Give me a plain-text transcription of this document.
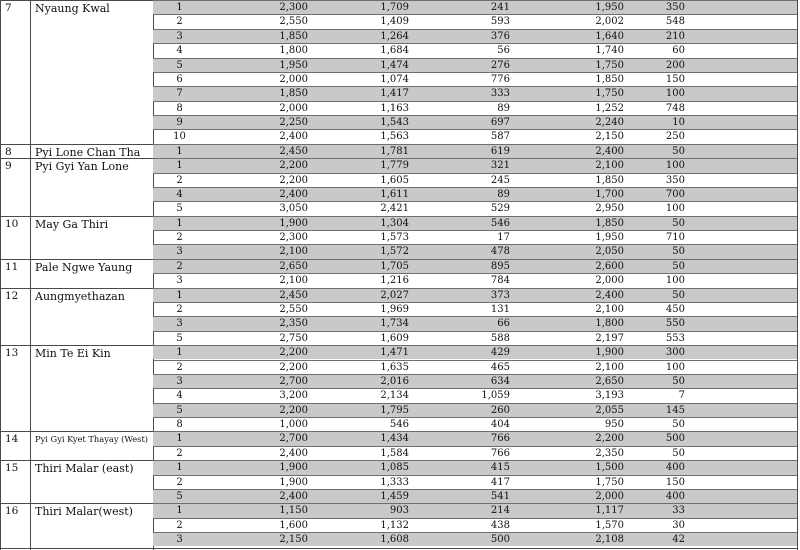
7 Nyaung Kwal	1	2,300	1,709	241	1,950	350
2	2,550	1,409	593	2,002	548
3	1,850	1,264	376	1,640	210
4	1,800	1,684	56	1,740	60
5	1,950	1,474	276	1,750	200
6	2,000	1,074	776	1,850	150
7	1,850	1,417	333	1,750	100
8	2,000	1,163	89	1,252	748
9	2,250	1,543	697	2,240	10
10	2,400	1,563	587	2,150	250
8 Pyi Lone Chan Tha	1	2,450	1,781	619	2,400	50
9 Pyi Gyi Yan Lone	1	2,200	1,779	321	2,100	100
2	2,200	1,605	245	1,850	350
4	2,400	1,611	89	1,700	700
5	3,050	2,421	529	2,950	100
10 May Ga Thiri	1	1,900	1,304	546	1,850	50
2	2,300	1,573	17	1,950	710
3	2,100	1,572	478	2,050	50
11 Pale Ngwe Yaung	2	2,650	1,705	895	2,600	50
3	2,100	1,216	784	2,000	100
12 Aungmyethazan	1	2,450	2,027	373	2,400	50
2	2,550	1,969	131	2,100	450
3	2,350	1,734	66	1,800	550
5	2,750	1,609	588	2,197	553
13 Min Te Ei Kin	1	2,200	1,471	429	1,900	300
2	2,200	1,635	465	2,100	100
3	2,700	2,016	634	2,650	50
4	3,200	2,134	1,059	3,193	7
5	2,200	1,795	260	2,055	145
8	1,000	546	404	950	50
14 Pyi Gyi Kyet Thayay (West)	1	2,700	1,434	766	2,200	500
2	2,400	1,584	766	2,350	50
15 Thiri Malar (east)	1	1,900	1,085	415	1,500	400
2	1,900	1,333	417	1,750	150
5	2,400	1,459	541	2,000	400
16 Thiri Malar(west)	1	1,150	903	214	1,117	33
2	1,600	1,132	438	1,570	30
3	2,150	1,608	500	2,108	42
